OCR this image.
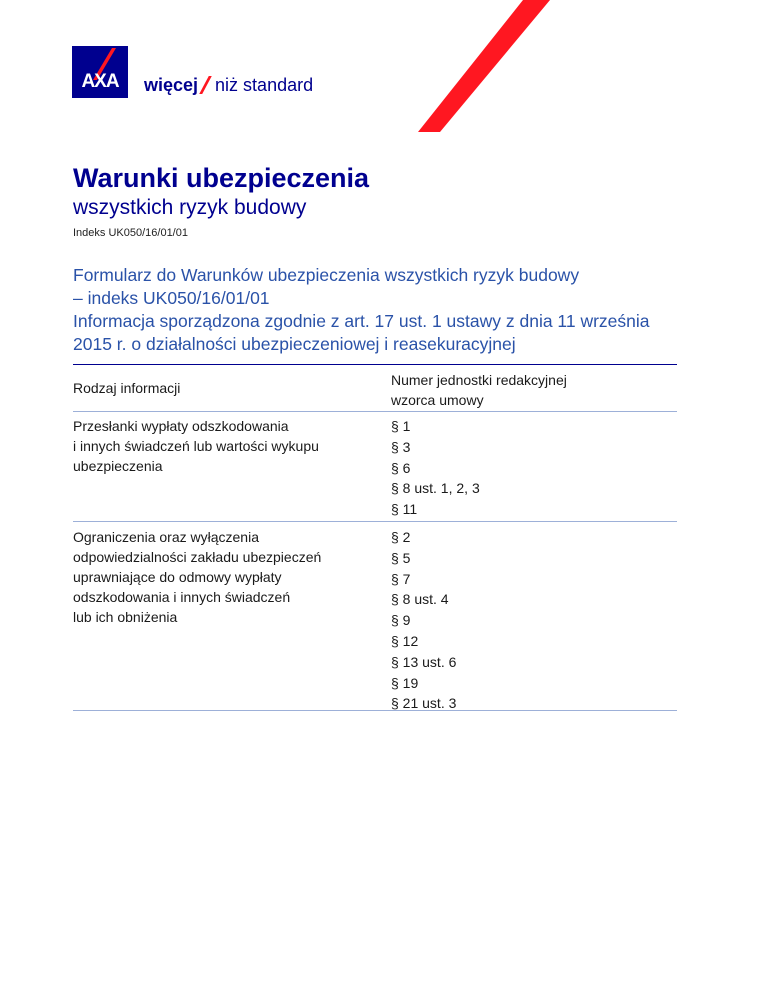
AXA więcej niż standard
Warunki ubezpieczenia
wszystkich ryzyk budowy
Indeks UK050/16/01/01
Formularz do Warunków ubezpieczenia wszystkich ryzyk budowy
– indeks UK050/16/01/01
Informacja sporządzona zgodnie z art. 17 ust. 1 ustawy z dnia 11 września
2015 r. o działalności ubezpieczeniowej i reasekuracyjnej
Rodzaj informacji	Numer jednostki redakcyjnej
wzorca umowy
Przesłanki wypłaty odszkodowania
i innych świadczeń lub wartości wykupu
ubezpieczenia
§ 1
§ 3
§ 6
§ 8 ust. 1, 2, 3
§ 11
Ograniczenia oraz wyłączenia
odpowiedzialności zakładu ubezpieczeń
uprawniające do odmowy wypłaty
odszkodowania i innych świadczeń
lub ich obniżenia
§ 2
§ 5
§ 7
§ 8 ust. 4
§ 9
§ 12
§ 13 ust. 6
§ 19
§ 21 ust. 3
